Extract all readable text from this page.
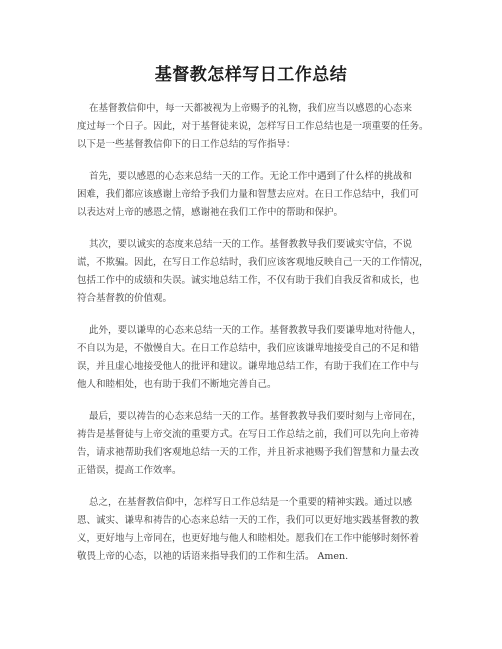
基督教怎样写日工作总结

在基督教信仰中，每一天都被视为上帝赐予的礼物，我们应当以感恩的心态来
度过每一个日子。因此，对于基督徒来说，怎样写日工作总结也是一项重要的任务。
以下是一些基督教信仰下的日工作总结的写作指导：

首先，要以感恩的心态来总结一天的工作。无论工作中遇到了什么样的挑战和
困难，我们都应该感谢上帝给予我们力量和智慧去应对。在日工作总结中，我们可
以表达对上帝的感恩之情，感谢祂在我们工作中的帮助和保护。

其次，要以诚实的态度来总结一天的工作。基督教教导我们要诚实守信，不说
谎，不欺骗。因此，在写日工作总结时，我们应该客观地反映自己一天的工作情况，
包括工作中的成绩和失误。诚实地总结工作，不仅有助于我们自我反省和成长，也
符合基督教的价值观。

此外，要以谦卑的心态来总结一天的工作。基督教教导我们要谦卑地对待他人，
不自以为是，不傲慢自大。在日工作总结中，我们应该谦卑地接受自己的不足和错
误，并且虚心地接受他人的批评和建议。谦卑地总结工作，有助于我们在工作中与
他人和睦相处，也有助于我们不断地完善自己。

最后，要以祷告的心态来总结一天的工作。基督教教导我们要时刻与上帝同在，
祷告是基督徒与上帝交流的重要方式。在写日工作总结之前，我们可以先向上帝祷
告，请求祂帮助我们客观地总结一天的工作，并且祈求祂赐予我们智慧和力量去改
正错误，提高工作效率。

总之，在基督教信仰中，怎样写日工作总结是一个重要的精神实践。通过以感
恩、诚实、谦卑和祷告的心态来总结一天的工作，我们可以更好地实践基督教的教
义，更好地与上帝同在，也更好地与他人和睦相处。愿我们在工作中能够时刻怀着
敬畏上帝的心态，以祂的话语来指导我们的工作和生活。 Amen.
